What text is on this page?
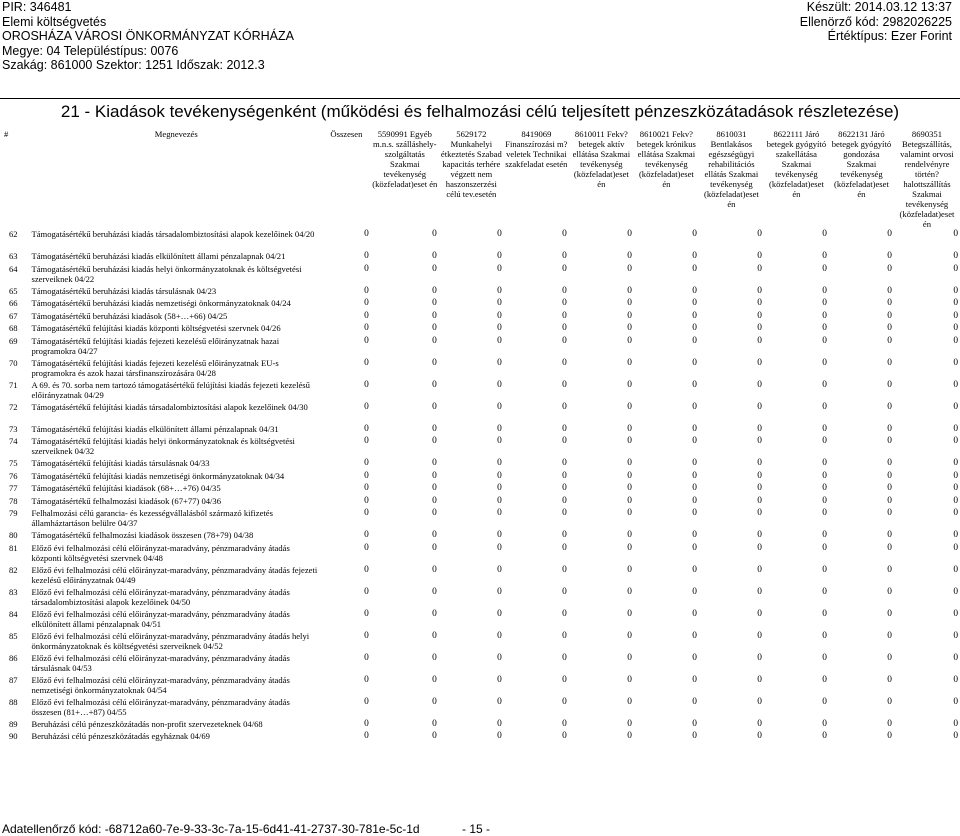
PIR: 346481
Elemi költségvetés
OROSHÁZA VÁROSI ÖNKORMÁNYZAT KÓRHÁZA
Megye: 04 Településtípus: 0076
Szakág: 861000 Szektor: 1251 Időszak: 2012.3
Készült: 2014.03.12 13:37
Ellenörző kód: 2982026225
Értéktípus: Ezer Forint
21 - Kiadások tevékenységenként (működési és felhalmozási célú teljesített pénzeszközátadások részletezése)
#	Megnevezés	Összesen	5590991 Egyéb m.n.s. szálláshely-szolgáltatás Szakmai tevékenység (közfeladat)eset én	5629172 Munkahelyi étkeztetés Szabad kapacitás terhére végzett nem haszonszerzési célú tev.esetén	8419069 Finanszírozási m?veletek Technikai szakfeladat esetén	8610011 Fekv?betegek aktív ellátása Szakmai tevékenység (közfeladat)eset én	8610021 Fekv?betegek krónikus ellátása Szakmai tevékenység (közfeladat)eset én	8610031 Bentlakásos egészségügyi rehabilitációs ellátás Szakmai tevékenység (közfeladat)eset én	8622111 Járó betegek gyógyító szakellátása Szakmai tevékenység (közfeladat)eset én	8622131 Járó betegek gyógyító gondozása Szakmai tevékenység (közfeladat)eset én	8690351 Betegszállítás, valamint orvosi rendelvényre történ? halottszállítás Szakmai tevékenység (közfeladat)eset én
62	Támogatásértékű beruházási kiadás társadalombiztosítási alapok kezelőinek 04/20	0	0	0	0	0	0	0	0	0	0
63	Támogatásértékű beruházási kiadás elkülönített állami pénzalapnak 04/21	0	0	0	0	0	0	0	0	0	0
64	Támogatásértékű beruházási kiadás helyi önkormányzatoknak és költségvetési szerveiknek 04/22	0	0	0	0	0	0	0	0	0	0
65	Támogatásértékű beruházási kiadás társulásnak 04/23	0	0	0	0	0	0	0	0	0	0
66	Támogatásértékű beruházási kiadás nemzetiségi önkormányzatoknak 04/24	0	0	0	0	0	0	0	0	0	0
67	Támogatásértékű beruházási kiadások (58+…+66) 04/25	0	0	0	0	0	0	0	0	0	0
68	Támogatásértékű felújítási kiadás központi költségvetési szervnek 04/26	0	0	0	0	0	0	0	0	0	0
69	Támogatásértékű felújítási kiadás fejezeti kezelésű előirányzatnak hazai programokra 04/27	0	0	0	0	0	0	0	0	0	0
70	Támogatásértékű felújítási kiadás fejezeti kezelésű előirányzatnak EU-s programokra és azok hazai társfinanszírozására 04/28	0	0	0	0	0	0	0	0	0	0
71	A 69. és 70. sorba nem tartozó támogatásértékű felújítási kiadás fejezeti kezelésű előirányzatnak 04/29	0	0	0	0	0	0	0	0	0	0
72	Támogatásértékű felújítási kiadás társadalombiztosítási alapok kezelőinek 04/30	0	0	0	0	0	0	0	0	0	0
73	Támogatásértékű felújítási kiadás elkülönített állami pénzalapnak 04/31	0	0	0	0	0	0	0	0	0	0
74	Támogatásértékű felújítási kiadás helyi önkormányzatoknak és költségvetési szerveiknek 04/32	0	0	0	0	0	0	0	0	0	0
75	Támogatásértékű felújítási kiadás társulásnak 04/33	0	0	0	0	0	0	0	0	0	0
76	Támogatásértékű felújítási kiadás nemzetiségi önkormányzatoknak 04/34	0	0	0	0	0	0	0	0	0	0
77	Támogatásértékű felújítási kiadások (68+…+76) 04/35	0	0	0	0	0	0	0	0	0	0
78	Támogatásértékű felhalmozási kiadások (67+77) 04/36	0	0	0	0	0	0	0	0	0	0
79	Felhalmozási célú garancia- és kezességvállalásból származó kifizetés államháztartáson belülre 04/37	0	0	0	0	0	0	0	0	0	0
80	Támogatásértékű felhalmozási kiadások összesen (78+79) 04/38	0	0	0	0	0	0	0	0	0	0
81	Előző évi felhalmozási célú előirányzat-maradvány, pénzmaradvány átadás központi költségvetési szervnek 04/48	0	0	0	0	0	0	0	0	0	0
82	Előző évi felhalmozási célú előirányzat-maradvány, pénzmaradvány átadás fejezeti kezelésű előirányzatnak 04/49	0	0	0	0	0	0	0	0	0	0
83	Előző évi felhalmozási célú előirányzat-maradvány, pénzmaradvány átadás társadalombiztosítási alapok kezelőinek 04/50	0	0	0	0	0	0	0	0	0	0
84	Előző évi felhalmozási célú előirányzat-maradvány, pénzmaradvány átadás elkülönített állami pénzalapnak 04/51	0	0	0	0	0	0	0	0	0	0
85	Előző évi felhalmozási célú előirányzat-maradvány, pénzmaradvány átadás helyi önkormányzatoknak és költségvetési szerveiknek 04/52	0	0	0	0	0	0	0	0	0	0
86	Előző évi felhalmozási célú előirányzat-maradvány, pénzmaradvány átadás társulásnak 04/53	0	0	0	0	0	0	0	0	0	0
87	Előző évi felhalmozási célú előirányzat-maradvány, pénzmaradvány átadás nemzetiségi önkormányzatoknak 04/54	0	0	0	0	0	0	0	0	0	0
88	Előző évi felhalmozási célú előirányzat-maradvány, pénzmaradvány átadás összesen (81+…+87) 04/55	0	0	0	0	0	0	0	0	0	0
89	Beruházási célú pénzeszközátadás non-profit szervezeteknek 04/68	0	0	0	0	0	0	0	0	0	0
90	Beruházási célú pénzeszközátadás egyháznak 04/69	0	0	0	0	0	0	0	0	0	0
Adatellenőrző kód: -68712a60-7e-9-33-3c-7a-15-6d41-41-2737-30-781e-5c-1d	- 15 -
